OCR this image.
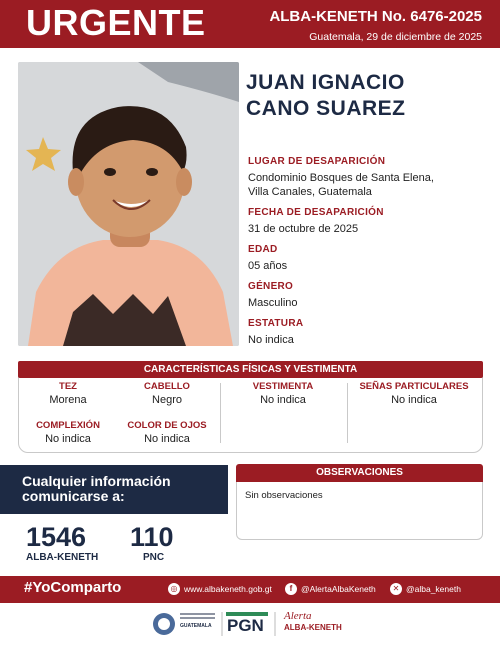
URGENTE	ALBA-KENETH No. 6476-2025
Guatemala, 29 de diciembre de 2025
JUAN IGNACIO
CANO SUAREZ
LUGAR DE DESAPARICIÓN
Condominio Bosques de Santa Elena,
Villa Canales, Guatemala
FECHA DE DESAPARICIÓN
31 de octubre de 2025
EDAD
05 años
GÉNERO
Masculino
ESTATURA
No indica
CARACTERÍSTICAS FÍSICAS Y VESTIMENTA
TEZ
Morena
CABELLO
Negro
COMPLEXIÓN
No indica
COLOR DE OJOS
No indica
VESTIMENTA
No indica
SEÑAS PARTICULARES
No indica
Cualquier información
comunicarse a:
1546
ALBA-KENETH
110
PNC
OBSERVACIONES
Sin observaciones
#YoComparto	◎ www.albakeneth.gob.gt	f	@AlertaAlbaKeneth	✕ @alba_keneth
GUATEMALA PGN Alerta
ALBA-KENETH
